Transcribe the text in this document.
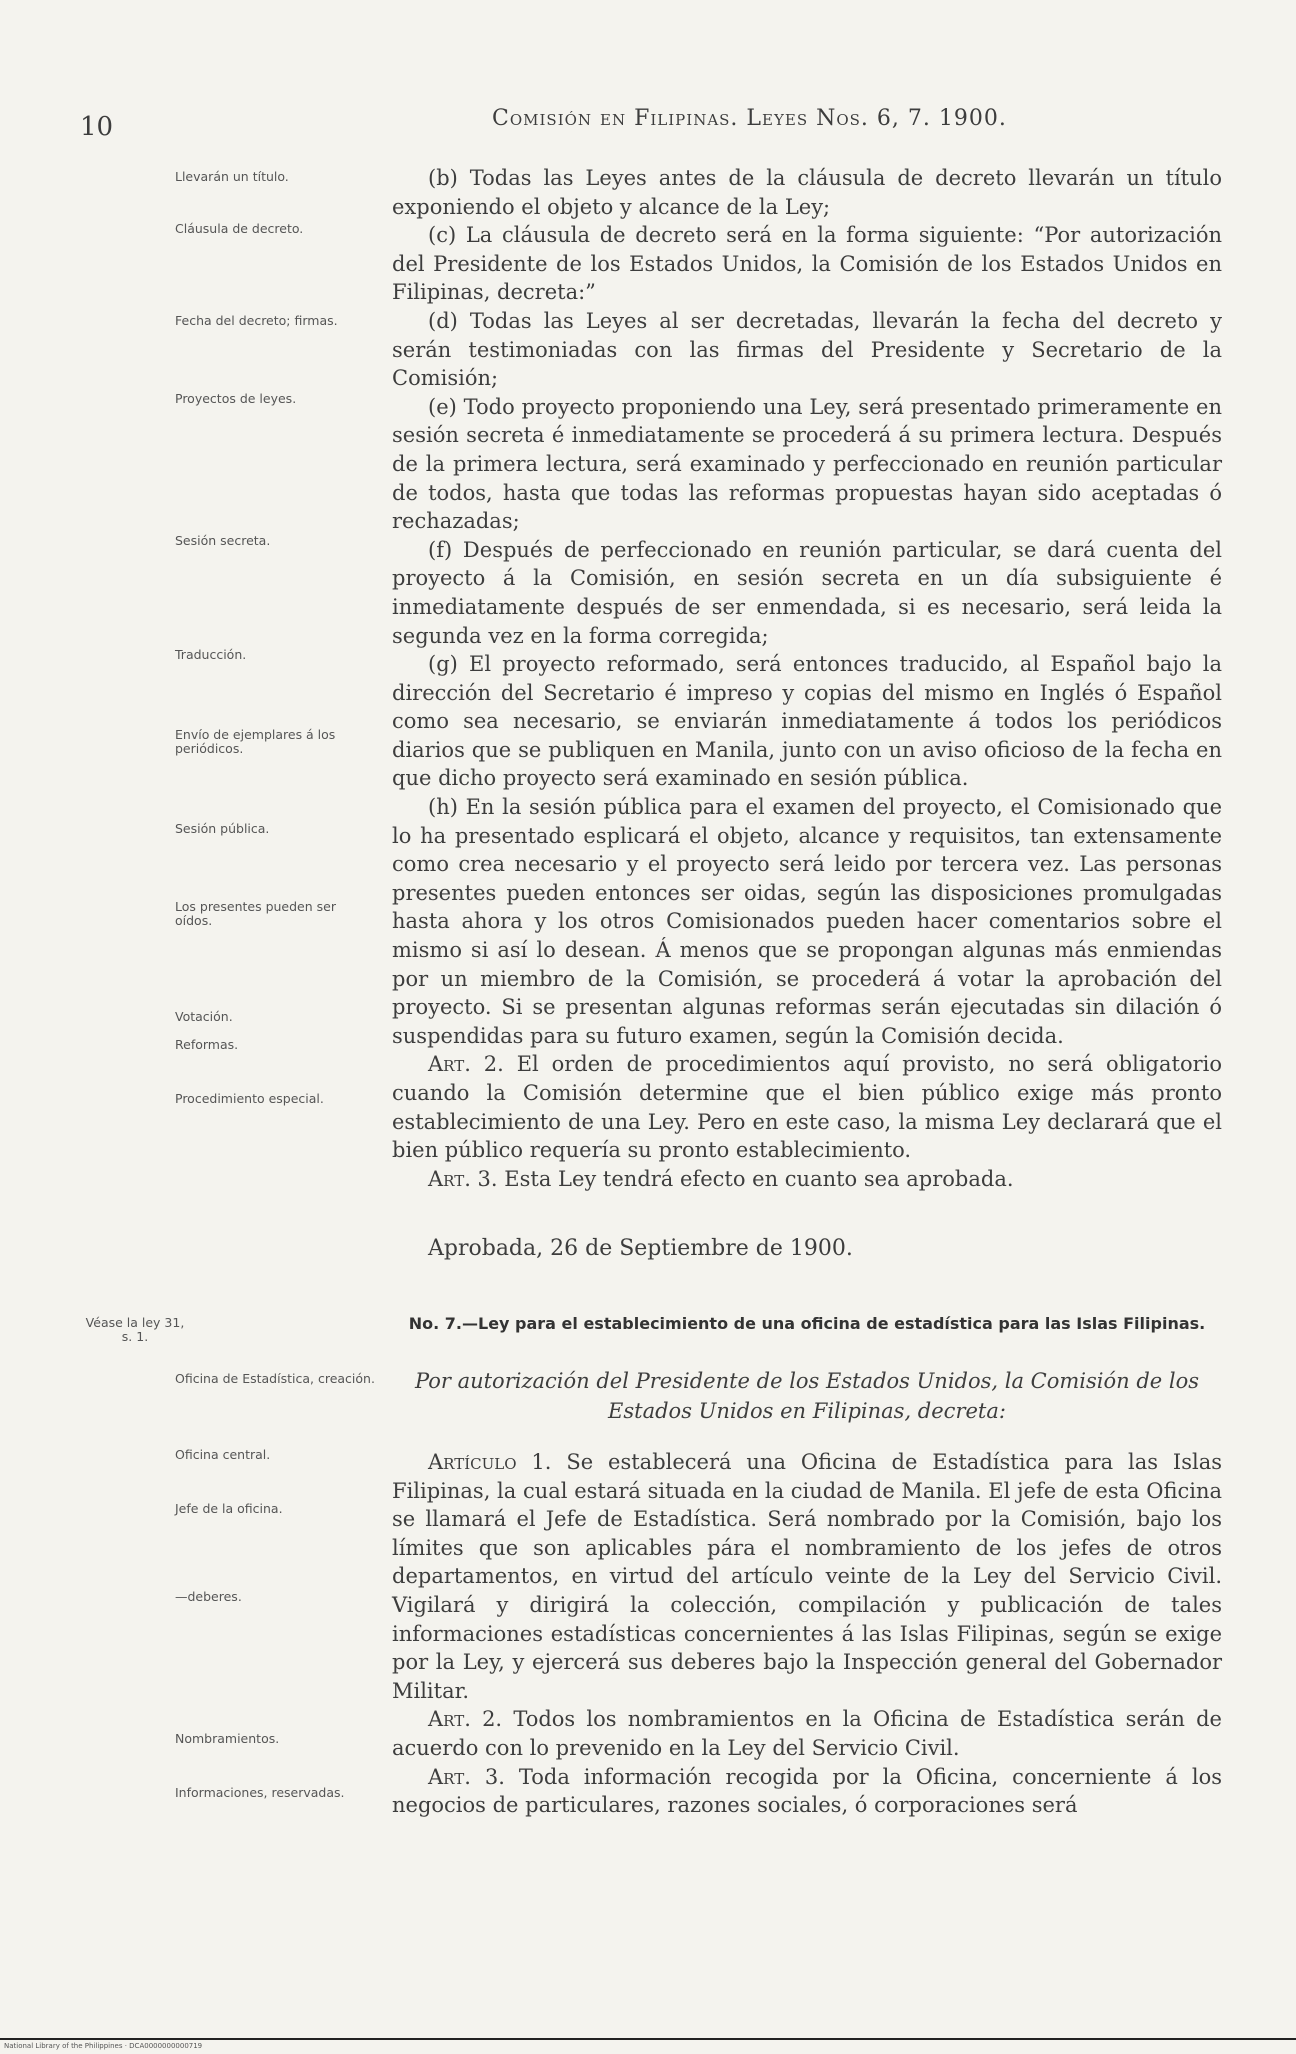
10	Comisión en Filipinas. Leyes Nos. 6, 7. 1900.
Llevarán un título.
Cláusula de decreto.
Fecha del decreto; firmas.
Proyectos de leyes.
Sesión secreta.
Traducción.
Envío de ejemplares á los periódicos.
Sesión pública.
Los presentes pueden ser oídos.
Votación.
Reformas.
Procedimiento especial.
Véase la ley 31, s. 1.
Oficina de Estadística, creación.
Oficina central.
Jefe de la oficina.
—deberes.
Nombramientos.
Informaciones, reservadas.

(b) Todas las Leyes antes de la cláusula de decreto llevarán un título exponiendo el objeto y alcance de la Ley;

(c) La cláusula de decreto será en la forma siguiente: “Por autorización del Presidente de los Estados Unidos, la Comisión de los Estados Unidos en Filipinas, decreta:”

(d) Todas las Leyes al ser decretadas, llevarán la fecha del decreto y serán testimoniadas con las firmas del Presidente y Secretario de la Comisión;

(e) Todo proyecto proponiendo una Ley, será presentado primeramente en sesión secreta é inmediatamente se procederá á su primera lectura. Después de la primera lectura, será examinado y perfeccionado en reunión particular de todos, hasta que todas las reformas propuestas hayan sido aceptadas ó rechazadas;

(f) Después de perfeccionado en reunión particular, se dará cuenta del proyecto á la Comisión, en sesión secreta en un día subsiguiente é inmediatamente después de ser enmendada, si es necesario, será leida la segunda vez en la forma corregida;

(g) El proyecto reformado, será entonces traducido, al Español bajo la dirección del Secretario é impreso y copias del mismo en Inglés ó Español como sea necesario, se enviarán inmediatamente á todos los periódicos diarios que se publiquen en Manila, junto con un aviso oficioso de la fecha en que dicho proyecto será examinado en sesión pública.

(h) En la sesión pública para el examen del proyecto, el Comisionado que lo ha presentado esplicará el objeto, alcance y requisitos, tan extensamente como crea necesario y el proyecto será leido por tercera vez. Las personas presentes pueden entonces ser oidas, según las disposiciones promulgadas hasta ahora y los otros Comisionados pueden hacer comentarios sobre el mismo si así lo desean. Á menos que se propongan algunas más enmiendas por un miembro de la Comisión, se procederá á votar la aprobación del proyecto. Si se presentan algunas reformas serán ejecutadas sin dilación ó suspendidas para su futuro examen, según la Comisión decida.

Art. 2. El orden de procedimientos aquí provisto, no será obligatorio cuando la Comisión determine que el bien público exige más pronto establecimiento de una Ley. Pero en este caso, la misma Ley declarará que el bien público requería su pronto establecimiento.

Art. 3. Esta Ley tendrá efecto en cuanto sea aprobada.

Aprobada, 26 de Septiembre de 1900.
No. 7.—Ley para el establecimiento de una oficina de estadística para las Islas Filipinas.
Por autorización del Presidente de los Estados Unidos, la Comisión de los Estados Unidos en Filipinas, decreta:

Artículo 1. Se establecerá una Oficina de Estadística para las Islas Filipinas, la cual estará situada en la ciudad de Manila. El jefe de esta Oficina se llamará el Jefe de Estadística. Será nombrado por la Comisión, bajo los límites que son aplicables pára el nombramiento de los jefes de otros departamentos, en virtud del artículo veinte de la Ley del Servicio Civil. Vigilará y dirigirá la colección, compilación y publicación de tales informaciones estadísticas concernientes á las Islas Filipinas, según se exige por la Ley, y ejercerá sus deberes bajo la Inspección general del Gobernador Militar.

Art. 2. Todos los nombramientos en la Oficina de Estadística serán de acuerdo con lo prevenido en la Ley del Servicio Civil.

Art. 3. Toda información recogida por la Oficina, concerniente á los negocios de particulares, razones sociales, ó corporaciones será

National Library of the Philippines · DCA0000000000719
